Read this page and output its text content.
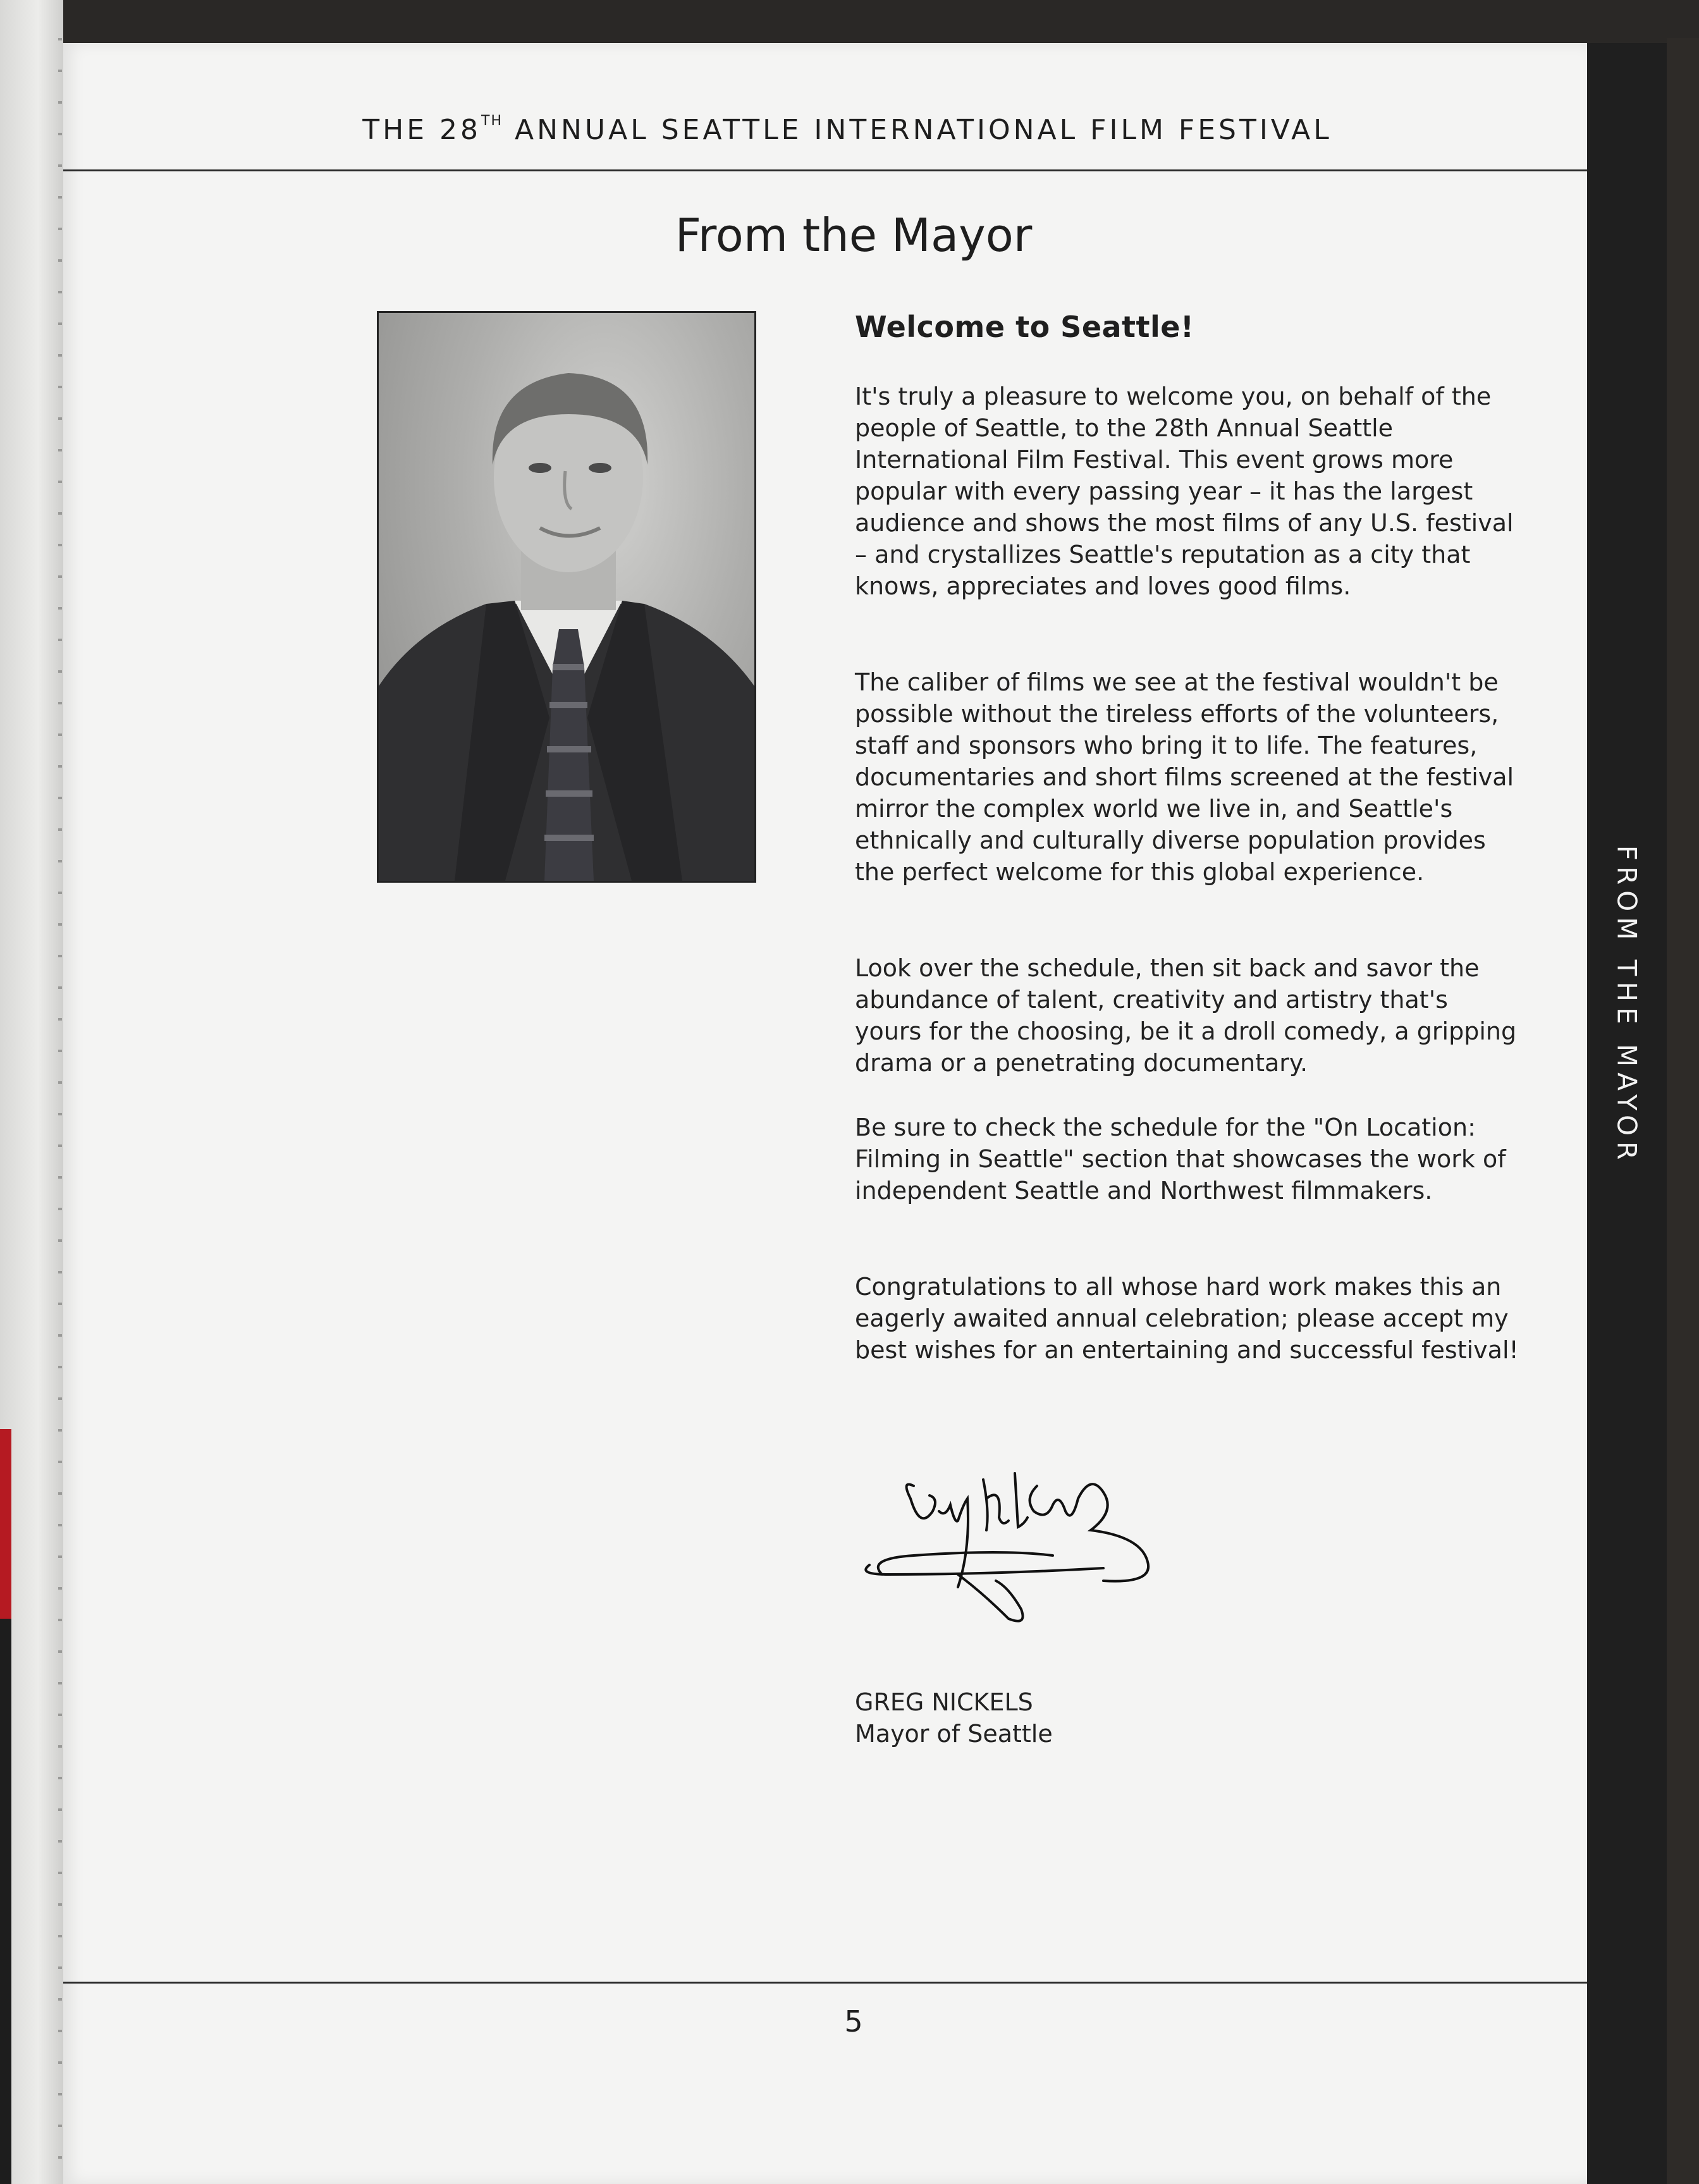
FROM THE MAYOR
THE 28TH ANNUAL SEATTLE INTERNATIONAL FILM FESTIVAL
From the Mayor
Welcome to Seattle!

It's truly a pleasure to welcome you, on behalf of the people of Seattle, to the 28th Annual Seattle International Film Festival. This event grows more popular with every passing year – it has the largest audience and shows the most films of any U.S. festival – and crystallizes Seattle's reputation as a city that knows, appreciates and loves good films.

The caliber of films we see at the festival wouldn't be possible without the tireless efforts of the volunteers, staff and sponsors who bring it to life. The features, documentaries and short films screened at the festival mirror the complex world we live in, and Seattle's ethnically and culturally diverse population provides the perfect welcome for this global experience.

Look over the schedule, then sit back and savor the abundance of talent, creativity and artistry that's yours for the choosing, be it a droll comedy, a gripping drama or a penetrating documentary.

Be sure to check the schedule for the "On Location: Filming in Seattle" section that showcases the work of independent Seattle and Northwest filmmakers.

Congratulations to all whose hard work makes this an eagerly awaited annual celebration; please accept my best wishes for an entertaining and successful festival!

GREG NICKELS
Mayor of Seattle
5
